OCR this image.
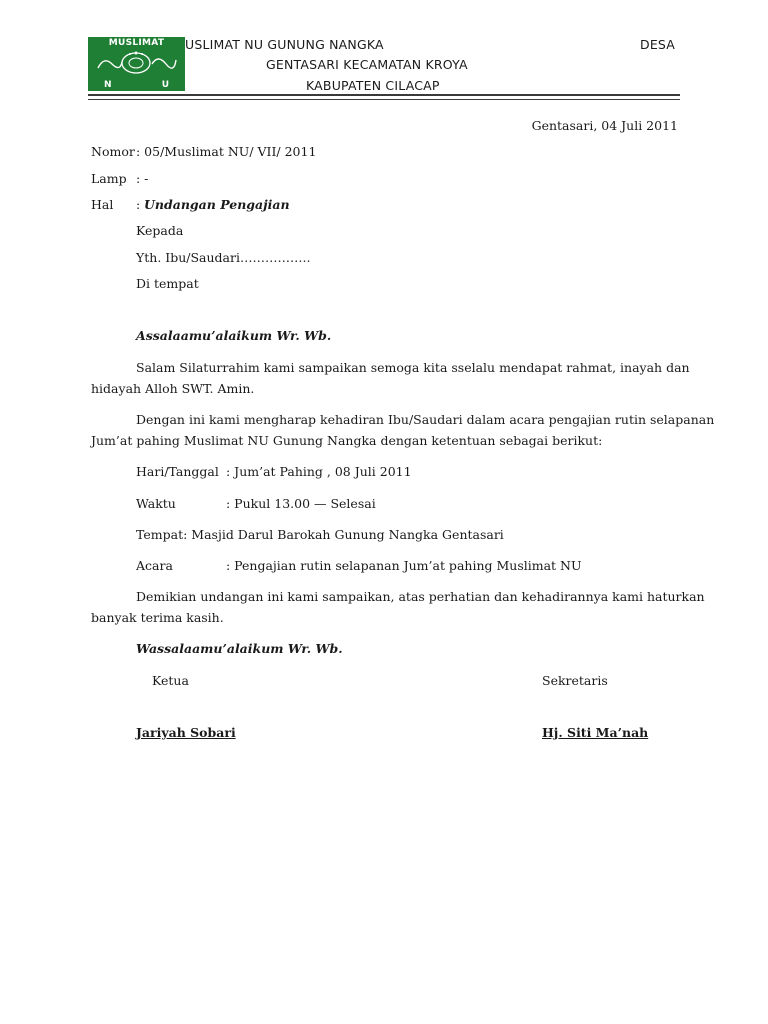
MUSLIMAT
N	U
USLIMAT NU GUNUNG NANGKA	DESA
GENTASARI KECAMATAN KROYA
KABUPATEN CILACAP
Gentasari, 04 Juli 2011
Nomor : 05/Muslimat NU/ VII/ 2011
Lamp : -
Hal : Undangan Pengajian
Kepada
Yth. Ibu/Saudari……………..
Di tempat
Assalaamu’alaikum Wr. Wb.
Salam Silaturrahim kami sampaikan semoga kita sselalu mendapat rahmat, inayah dan
hidayah Alloh SWT. Amin.
Dengan ini kami mengharap kehadiran Ibu/Saudari dalam acara pengajian rutin selapanan
Jum’at pahing Muslimat NU Gunung Nangka dengan ketentuan sebagai berikut:
Hari/Tanggal : Jum’at Pahing , 08 Juli 2011
Waktu	: Pukul 13.00 — Selesai
Tempat: Masjid Darul Barokah Gunung Nangka Gentasari
Acara	: Pengajian rutin selapanan Jum’at pahing Muslimat NU
Demikian undangan ini kami sampaikan, atas perhatian dan kehadirannya kami haturkan
banyak terima kasih.
Wassalaamu’alaikum Wr. Wb.
Ketua	Sekretaris
Jariyah Sobari	Hj. Siti Ma’nah
